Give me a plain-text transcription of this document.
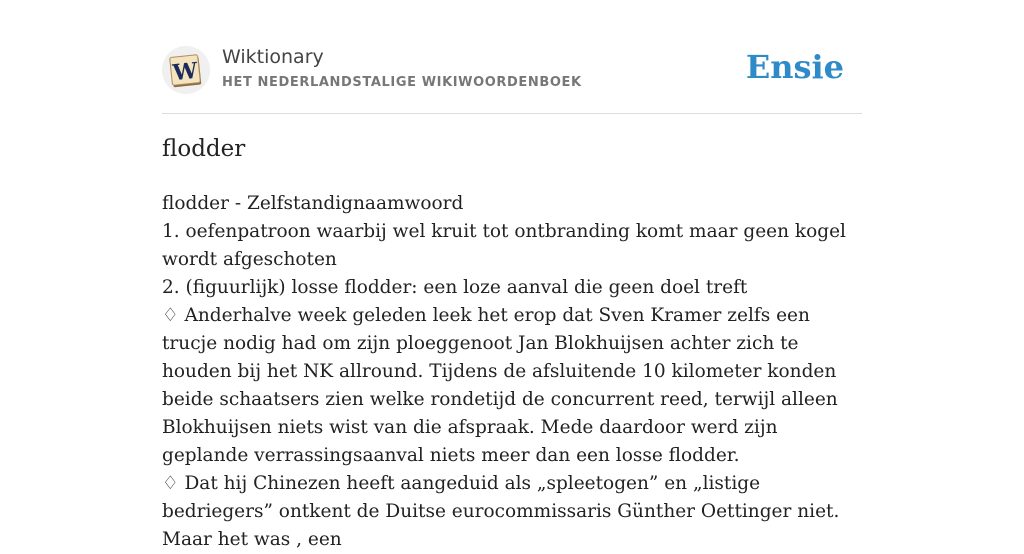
W
Wiktionary
HET NEDERLANDSTALIGE WIKIWOORDENBOEK	Ensie
flodder

flodder - Zelfstandignaamwoord

1. oefenpatroon waarbij wel kruit tot ontbranding komt maar geen kogel wordt afgeschoten

2. (figuurlijk) losse flodder: een loze aanval die geen doel treft

♢ Anderhalve week geleden leek het erop dat Sven Kramer zelfs een trucje nodig had om zijn ploeggenoot Jan Blokhuijsen achter zich te houden bij het NK allround. Tijdens de afsluitende 10 kilometer konden beide schaatsers zien welke rondetijd de concurrent reed, terwijl alleen Blokhuijsen niets wist van die afspraak. Mede daardoor werd zijn geplande verrassingsaanval niets meer dan een losse flodder.

♢ Dat hij Chinezen heeft aangeduid als „spleetogen” en „listige bedriegers” ontkent de Duitse eurocommissaris Günther Oettinger niet. Maar het was , een
